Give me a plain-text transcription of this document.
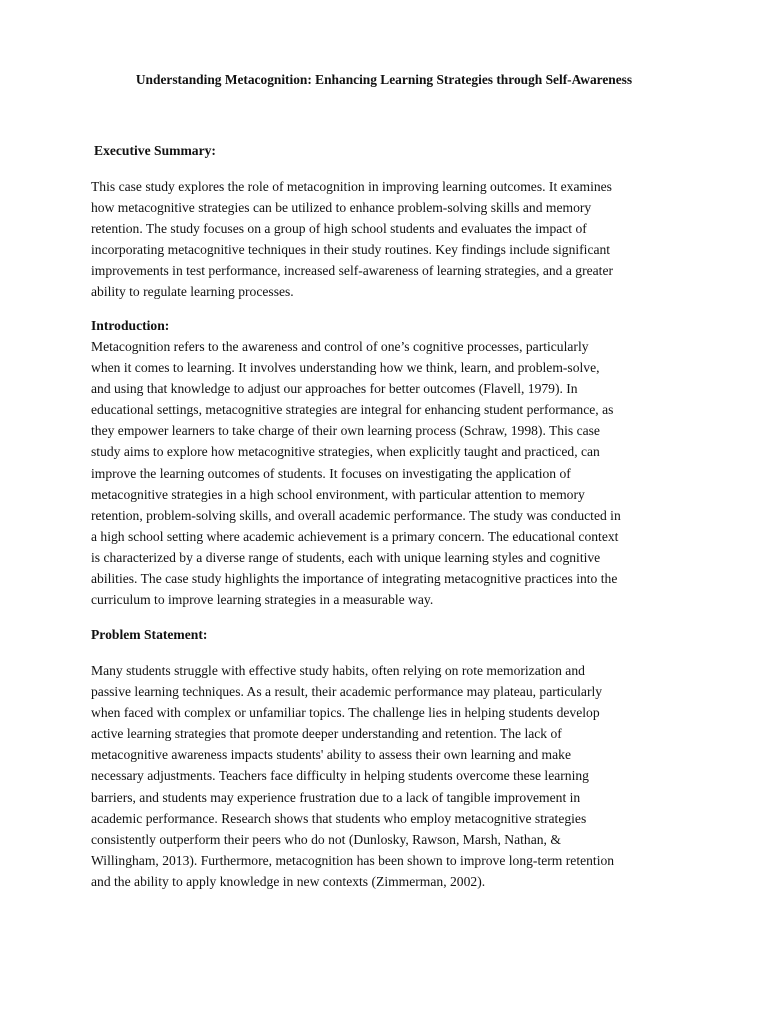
Understanding Metacognition: Enhancing Learning Strategies through Self-Awareness
Executive Summary:
This case study explores the role of metacognition in improving learning outcomes. It examines
how metacognitive strategies can be utilized to enhance problem-solving skills and memory
retention. The study focuses on a group of high school students and evaluates the impact of
incorporating metacognitive techniques in their study routines. Key findings include significant
improvements in test performance, increased self-awareness of learning strategies, and a greater
ability to regulate learning processes.
Introduction:
Metacognition refers to the awareness and control of one’s cognitive processes, particularly
when it comes to learning. It involves understanding how we think, learn, and problem-solve,
and using that knowledge to adjust our approaches for better outcomes (Flavell, 1979). In
educational settings, metacognitive strategies are integral for enhancing student performance, as
they empower learners to take charge of their own learning process (Schraw, 1998). This case
study aims to explore how metacognitive strategies, when explicitly taught and practiced, can
improve the learning outcomes of students. It focuses on investigating the application of
metacognitive strategies in a high school environment, with particular attention to memory
retention, problem-solving skills, and overall academic performance. The study was conducted in
a high school setting where academic achievement is a primary concern. The educational context
is characterized by a diverse range of students, each with unique learning styles and cognitive
abilities. The case study highlights the importance of integrating metacognitive practices into the
curriculum to improve learning strategies in a measurable way.
Problem Statement:
Many students struggle with effective study habits, often relying on rote memorization and
passive learning techniques. As a result, their academic performance may plateau, particularly
when faced with complex or unfamiliar topics. The challenge lies in helping students develop
active learning strategies that promote deeper understanding and retention. The lack of
metacognitive awareness impacts students' ability to assess their own learning and make
necessary adjustments. Teachers face difficulty in helping students overcome these learning
barriers, and students may experience frustration due to a lack of tangible improvement in
academic performance. Research shows that students who employ metacognitive strategies
consistently outperform their peers who do not (Dunlosky, Rawson, Marsh, Nathan, &
Willingham, 2013). Furthermore, metacognition has been shown to improve long-term retention
and the ability to apply knowledge in new contexts (Zimmerman, 2002).
